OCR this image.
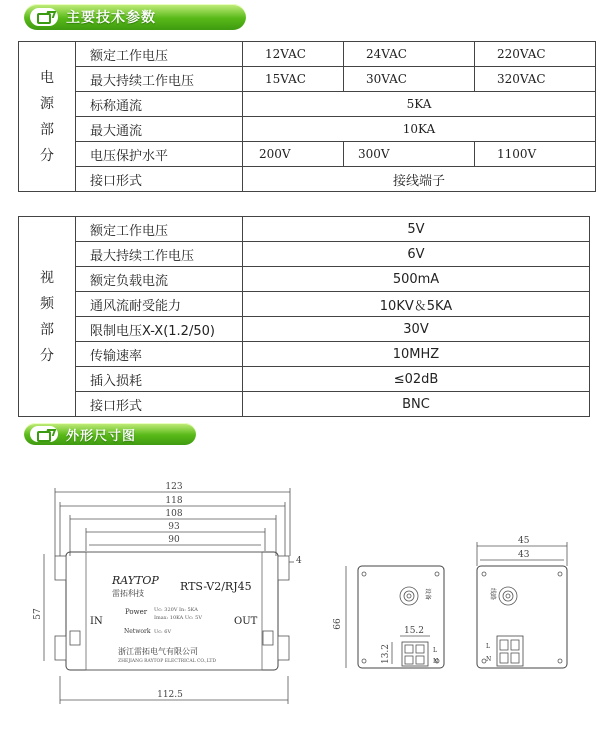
主要技术参数
电
源
部
分	额定工作电压	12VAC	24VAC	220VAC
	最大持续工作电压	15VAC	30VAC	320VAC
	标称通流	5KA		
	最大通流	10KA		
	电压保护水平	200V	300V	1100V
	接口形式	接线端子		
视
频
部
分	额定工作电压	5V
	最大持续工作电压	6V
	额定负载电流	500mA
	通风流耐受能力	10KV＆5KA
	限制电压X-X(1.2/50)	30V
	传输速率	10MHZ
	插入损耗	≤02dB
	接口形式	BNC
外形尺寸图
123
118
108
93
90
4
57
RAYTOP
雷拓科技
RTS-V2/RJ45
IN	OUT
Power Uc: 320V In: 5KA
Imax: 10KA Uc: 5V
Network Uc: 6V
浙江雷拓电气有限公司
ZHEJIANG RAYTOP ELECTRICAL CO.,LTD
112.5
66
设备
15.2
13.2	L
N
45
43
线路
L
N
